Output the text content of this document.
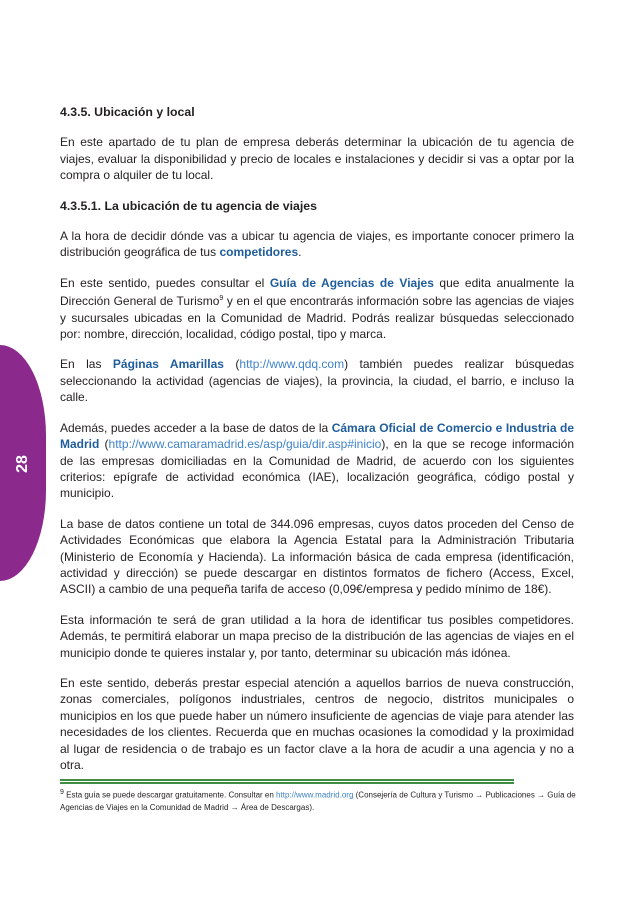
28
4.3.5. Ubicación y local

En este apartado de tu plan de empresa deberás determinar la ubicación de tu agencia de viajes, evaluar la disponibilidad y precio de locales e instalaciones y decidir si vas a optar por la compra o alquiler de tu local.

4.3.5.1. La ubicación de tu agencia de viajes

A la hora de decidir dónde vas a ubicar tu agencia de viajes, es importante conocer primero la distribución geográfica de tus competidores.

En este sentido, puedes consultar el Guía de Agencias de Viajes que edita anualmente la Dirección General de Turismo$^9$ y en el que encontrarás información sobre las agencias de viajes y sucursales ubicadas en la Comunidad de Madrid. Podrás realizar búsquedas seleccionado por: nombre, dirección, localidad, código postal, tipo y marca.

En las Páginas Amarillas (http://www.qdq.com) también puedes realizar búsquedas seleccionando la actividad (agencias de viajes), la provincia, la ciudad, el barrio, e incluso la calle.

Además, puedes acceder a la base de datos de la Cámara Oficial de Comercio e Industria de Madrid (http://www.camaramadrid.es/asp/guia/dir.asp#inicio), en la que se recoge información de las empresas domiciliadas en la Comunidad de Madrid, de acuerdo con los siguientes criterios: epígrafe de actividad económica (IAE), localización geográfica, código postal y municipio.

La base de datos contiene un total de 344.096 empresas, cuyos datos proceden del Censo de Actividades Económicas que elabora la Agencia Estatal para la Administración Tributaria (Ministerio de Economía y Hacienda). La información básica de cada empresa (identificación, actividad y dirección) se puede descargar en distintos formatos de fichero (Access, Excel, ASCII) a cambio de una pequeña tarifa de acceso (0,09€/empresa y pedido mínimo de 18€).

Esta información te será de gran utilidad a la hora de identificar tus posibles competidores. Además, te permitirá elaborar un mapa preciso de la distribución de las agencias de viajes en el municipio donde te quieres instalar y, por tanto, determinar su ubicación más idónea.

En este sentido, deberás prestar especial atención a aquellos barrios de nueva construcción, zonas comerciales, polígonos industriales, centros de negocio, distritos municipales o municipios en los que puede haber un número insuficiente de agencias de viaje para atender las necesidades de los clientes. Recuerda que en muchas ocasiones la comodidad y la proximidad al lugar de residencia o de trabajo es un factor clave a la hora de acudir a una agencia y no a otra.

$^9$ Esta guía se puede descargar gratuitamente. Consultar en http://www.madrid.org (Consejería de Cultura y Turismo → Publicaciones → Guía de Agencias de Viajes en la Comunidad de Madrid → Área de Descargas).
